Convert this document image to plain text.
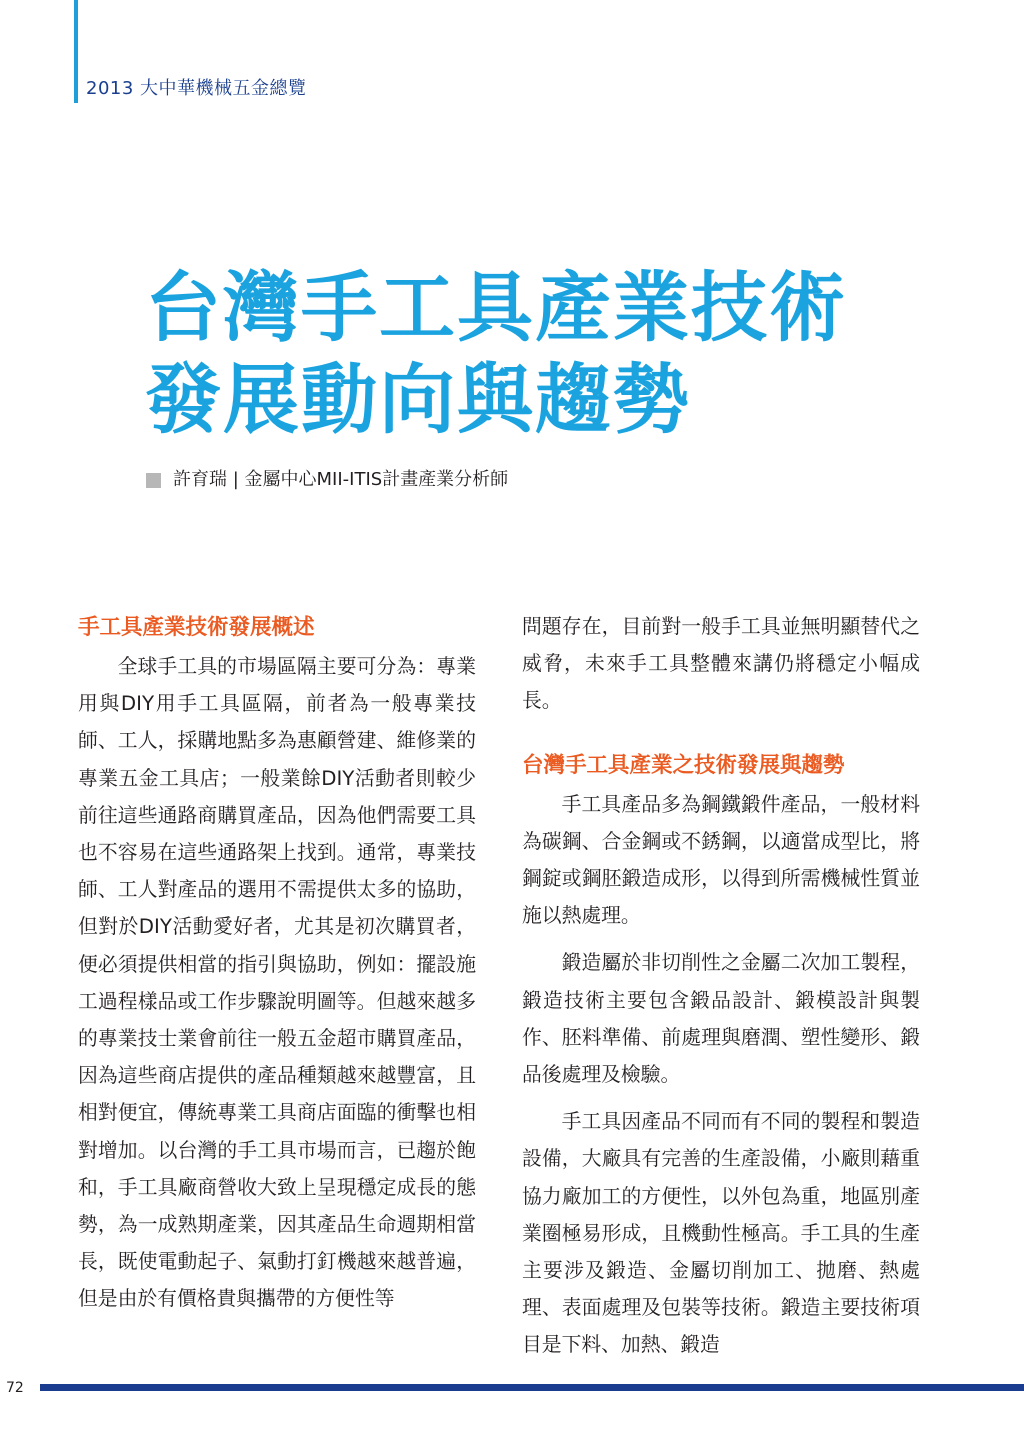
2013 大中華機械五金總覽
台灣手工具產業技術
發展動向與趨勢
許育瑞 | 金屬中心MII-ITIS計畫產業分析師
手工具產業技術發展概述

全球手工具的市場區隔主要可分為：專業用與DIY用手工具區隔，前者為一般專業技師、工人，採購地點多為惠顧營建、維修業的專業五金工具店；一般業餘DIY活動者則較少前往這些通路商購買產品，因為他們需要工具也不容易在這些通路架上找到。通常，專業技師、工人對產品的選用不需提供太多的協助，但對於DIY活動愛好者，尤其是初次購買者，便必須提供相當的指引與協助，例如：擺設施工過程樣品或工作步驟說明圖等。但越來越多的專業技士業會前往一般五金超市購買產品，因為這些商店提供的產品種類越來越豐富，且相對便宜，傳統專業工具商店面臨的衝擊也相對增加。以台灣的手工具市場而言，已趨於飽和，手工具廠商營收大致上呈現穩定成長的態勢，為一成熟期產業，因其產品生命週期相當長，既使電動起子、氣動打釘機越來越普遍，但是由於有價格貴與攜帶的方便性等

問題存在，目前對一般手工具並無明顯替代之威脅，未來手工具整體來講仍將穩定小幅成長。

台灣手工具產業之技術發展與趨勢

手工具產品多為鋼鐵鍛件產品，一般材料為碳鋼、合金鋼或不銹鋼，以適當成型比，將鋼錠或鋼胚鍛造成形，以得到所需機械性質並施以熱處理。

鍛造屬於非切削性之金屬二次加工製程，鍛造技術主要包含鍛品設計、鍛模設計與製作、胚料準備、前處理與磨潤、塑性變形、鍛品後處理及檢驗。

手工具因產品不同而有不同的製程和製造設備，大廠具有完善的生產設備，小廠則藉重協力廠加工的方便性，以外包為重，地區別產業圈極易形成，且機動性極高。手工具的生產主要涉及鍛造、金屬切削加工、拋磨、熱處理、表面處理及包裝等技術。鍛造主要技術項目是下料、加熱、鍛造

72
